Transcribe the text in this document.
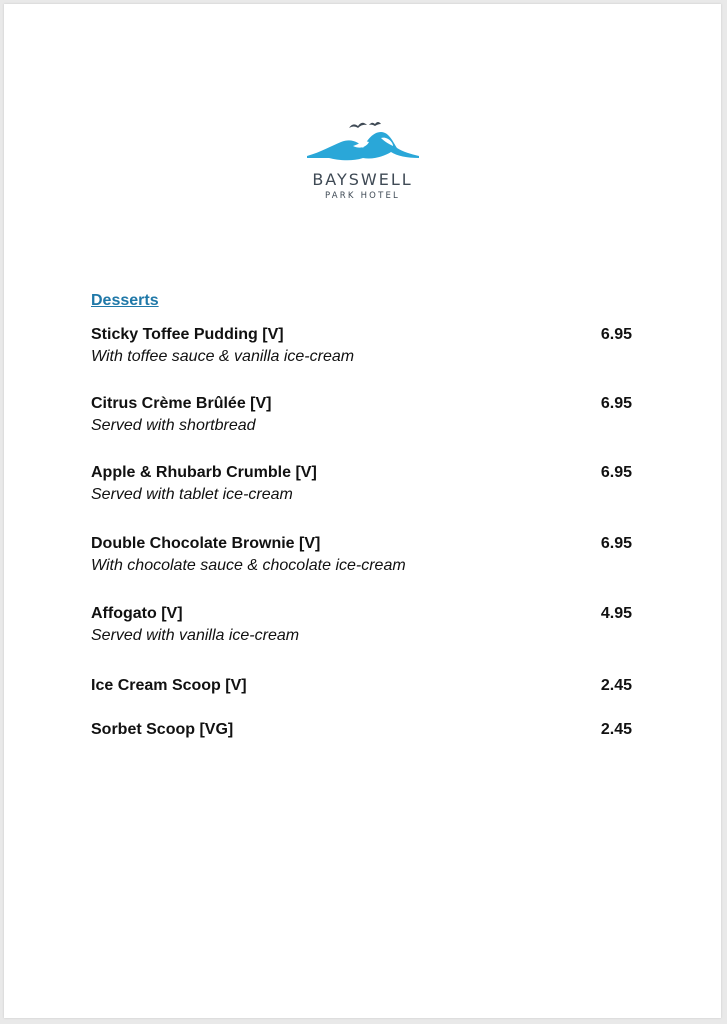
BAYSWELL
PARK HOTEL
Desserts
Sticky Toffee Pudding [V]	6.95
With toffee sauce & vanilla ice-cream
Citrus Crème Brûlée [V]	6.95
Served with shortbread
Apple & Rhubarb Crumble [V]	6.95
Served with tablet ice-cream
Double Chocolate Brownie [V]	6.95
With chocolate sauce & chocolate ice-cream
Affogato [V]	4.95
Served with vanilla ice-cream
Ice Cream Scoop [V]	2.45
Sorbet Scoop [VG]	2.45
